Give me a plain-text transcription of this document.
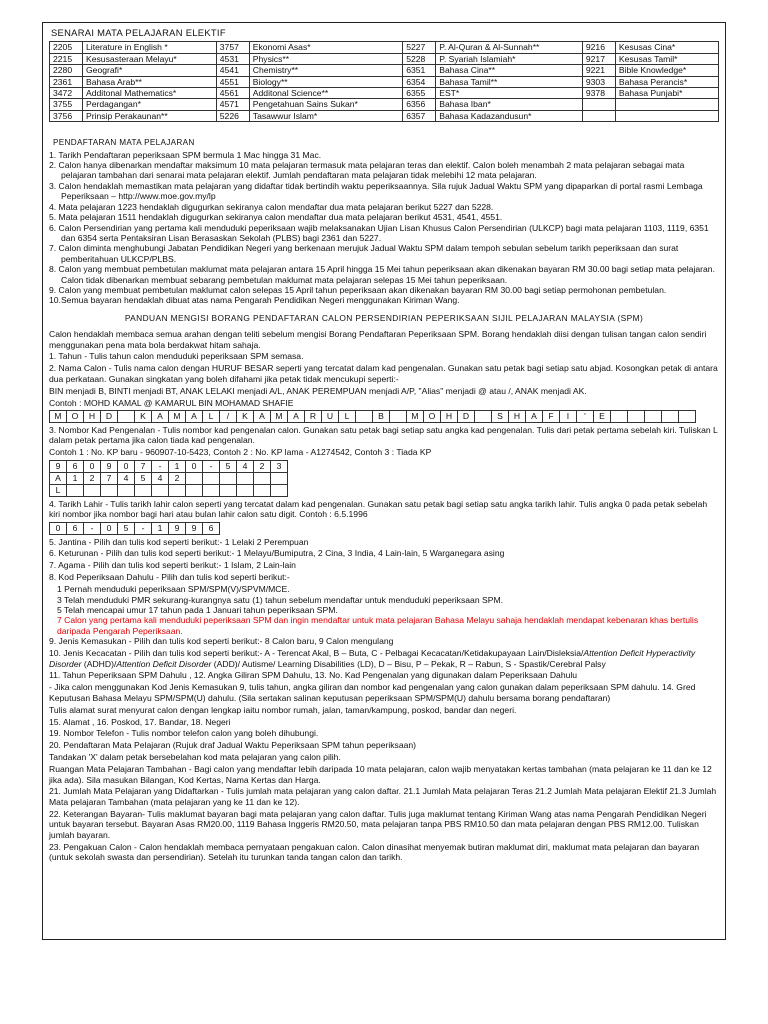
SENARAI MATA PELAJARAN ELEKTIF
2205	Literature in English *	3757	Ekonomi Asas*	5227	P. Al-Quran & Al-Sunnah**	9216	Kesusas Cina*
2215	Kesusasteraan Melayu*	4531	Physics**	5228	P. Syariah Islamiah*	9217	Kesusas Tamil*
2280	Geografi*	4541	Chemistry**	6351	Bahasa Cina**	9221	Bible Knowledge*
2361	Bahasa Arab**	4551	Biology**	6354	Bahasa Tamil**	9303	Bahasa Perancis*
3472	Additonal Mathematics*	4561	Additonal Science**	6355	EST*	9378	Bahasa Punjabi*
3755	Perdagangan*	4571	Pengetahuan Sains Sukan*	6356	Bahasa Iban*		
3756	Prinsip Perakaunan**	5226	Tasawwur Islam*	6357	Bahasa Kadazandusun*		
PENDAFTARAN MATA PELAJARAN
1. Tarikh Pendaftaran peperiksaan SPM bermula 1 Mac hingga 31 Mac.
2. Calon hanya dibenarkan mendaftar maksimum 10 mata pelajaran termasuk mata pelajaran teras dan elektif. Calon boleh menambah 2 mata pelajaran sebagai mata pelajaran tambahan dari senarai mata pelajaran elektif. Jumlah pendaftaran mata pelajaran tidak melebihi 12 mata pelajaran.
3. Calon hendaklah memastikan mata pelajaran yang didaftar tidak bertindih waktu peperiksaannya. Sila rujuk Jadual Waktu SPM yang dipaparkan di portal rasmi Lembaga Peperiksaan – http://www.moe.gov.my/lp
4. Mata pelajaran 1223 hendaklah digugurkan sekiranya calon mendaftar dua mata pelajaran berikut 5227 dan 5228.
5. Mata pelajaran 1511 hendaklah digugurkan sekiranya calon mendaftar dua mata pelajaran berikut 4531, 4541, 4551.
6. Calon Persendirian yang pertama kali menduduki peperiksaan wajib melaksanakan Ujian Lisan Khusus Calon Persendirian (ULKCP) bagi mata pelajaran 1103, 1119, 6351 dan 6354 serta Pentaksiran Lisan Berasaskan Sekolah (PLBS) bagi 2361 dan 5227.
7. Calon diminta menghubungi Jabatan Pendidikan Negeri yang berkenaan merujuk Jadual Waktu SPM dalam tempoh sebulan sebelum tarikh peperiksaan dan surat pemberitahuan ULKCP/PLBS.
8. Calon yang membuat pembetulan maklumat mata pelajaran antara 15 April hingga 15 Mei tahun peperiksaan akan dikenakan bayaran RM 30.00 bagi setiap mata pelajaran. Calon tidak dibenarkan membuat sebarang pembetulan maklumat mata pelajaran selepas 15 Mei tahun peperiksaan.
9. Calon yang membuat pembetulan maklumat calon selepas 15 April tahun peperiksaan akan dikenakan bayaran RM 30.00 bagi setiap permohonan pembetulan.
10.Semua bayaran hendaklah dibuat atas nama Pengarah Pendidikan Negeri menggunakan Kiriman Wang.
PANDUAN MENGISI BORANG PENDAFTARAN CALON PERSENDIRIAN PEPERIKSAAN SIJIL PELAJARAN MALAYSIA (SPM)

Calon hendaklah membaca semua arahan dengan teliti sebelum mengisi Borang Pendaftaran Peperiksaan SPM. Borang hendaklah diisi dengan tulisan tangan calon sendiri menggunakan pena mata bola berdakwat hitam sahaja.

1. Tahun - Tulis tahun calon menduduki peperiksaan SPM semasa.

2. Nama Calon - Tulis nama calon dengan HURUF BESAR seperti yang tercatat dalam kad pengenalan. Gunakan satu petak bagi setiap satu abjad. Kosongkan petak di antara dua perkataan. Gunakan singkatan yang boleh difahami jika petak tidak mencukupi seperti:-

BIN menjadi B, BINTI menjadi BT, ANAK LELAKI menjadi A/L, ANAK PEREMPUAN menjadi A/P, "Alias" menjadi @ atau /, ANAK menjadi AK.

Contoh : MOHD KAMAL @ KAMARUL BIN MOHAMAD SHAFIE

M	O	H	D		K	A	M	A	L	/	K	A	M	A	R	U	L		B		M	O	H	D		S	H	A	F	I	'	E					

3. Nombor Kad Pengenalan - Tulis nombor kad pengenalan calon. Gunakan satu petak bagi setiap satu angka kad pengenalan. Tulis dari petak pertama sebelah kiri. Tuliskan L dalam petak pertama jika calon tiada kad pengenalan.

Contoh 1 : No. KP baru - 960907-10-5423, Contoh 2 : No. KP lama - A1274542, Contoh 3 : Tiada KP

9	6	0	9	0	7	-	1	0	-	5	4	2	3
A	1	2	7	4	5	4	2						
L													

4. Tarikh Lahir - Tulis tarikh lahir calon seperti yang tercatat dalam kad pengenalan. Gunakan satu petak bagi setiap satu angka tarikh lahir. Tulis angka 0 pada petak sebelah kiri nombor jika nombor bagi hari atau bulan lahir calon satu digit. Contoh : 6.5.1996

0	6	-	0	5	-	1	9	9	6

5. Jantina - Pilih dan tulis kod seperti berikut:- 1 Lelaki 2 Perempuan

6. Keturunan - Pilih dan tulis kod seperti berikut:- 1 Melayu/Bumiputra, 2 Cina, 3 India, 4 Lain-lain, 5 Warganegara asing

7. Agama - Pilih dan tulis kod seperti berikut:- 1 Islam, 2 Lain-lain

8. Kod Peperiksaan Dahulu - Pilih dan tulis kod seperti berikut:-

1 Pernah menduduki peperiksaan SPM/SPM(V)/SPVM/MCE.
3 Telah menduduki PMR sekurang-kurangnya satu (1) tahun sebelum mendaftar untuk menduduki peperiksaan SPM.
5 Telah mencapai umur 17 tahun pada 1 Januari tahun peperiksaan SPM.
7 Calon yang pertama kali menduduki peperiksaan SPM dan ingin mendaftar untuk mata pelajaran Bahasa Melayu sahaja hendaklah mendapat kebenaran khas bertulis daripada Pengarah Peperiksaan.

9. Jenis Kemasukan - Pilih dan tulis kod seperti berikut:- 8 Calon baru, 9 Calon mengulang

10. Jenis Kecacatan - Pilih dan tulis kod seperti berikut:- A - Terencat Akal, B – Buta, C - Pelbagai Kecacatan/Ketidakupayaan Lain/Disleksia/Attention Deficit Hyperactivity Disorder (ADHD)/Attention Deficit Disorder (ADD)/ Autisme/ Learning Disabilities (LD), D – Bisu, P – Pekak, R – Rabun, S - Spastik/Cerebral Palsy

11. Tahun Peperiksaan SPM Dahulu , 12. Angka Giliran SPM Dahulu, 13. No. Kad Pengenalan yang digunakan dalam Peperiksaan Dahulu

- Jika calon menggunakan Kod Jenis Kemasukan 9, tulis tahun, angka giliran dan nombor kad pengenalan yang calon gunakan dalam peperiksaan SPM dahulu. 14. Gred Keputusan Bahasa Melayu SPM/SPM(U) dahulu. (Sila sertakan salinan keputusan peperiksaan SPM/SPM(U) dahulu bersama borang pendaftaran)

Tulis alamat surat menyurat calon dengan lengkap iaitu nombor rumah, jalan, taman/kampung, poskod, bandar dan negeri.

15. Alamat , 16. Poskod, 17. Bandar, 18. Negeri

19. Nombor Telefon - Tulis nombor telefon calon yang boleh dihubungi.

20. Pendaftaran Mata Pelajaran (Rujuk draf Jadual Waktu Peperiksaan SPM tahun peperiksaan)

Tandakan 'X' dalam petak bersebelahan kod mata pelajaran yang calon pilih.

Ruangan Mata Pelajaran Tambahan - Bagi calon yang mendaftar lebih daripada 10 mata pelajaran, calon wajib menyatakan kertas tambahan (mata pelajaran ke 11 dan ke 12 jika ada). Sila masukan Bilangan, Kod Kertas, Nama Kertas dan Harga.

21. Jumlah Mata Pelajaran yang Didaftarkan - Tulis jumlah mata pelajaran yang calon daftar. 21.1 Jumlah Mata pelajaran Teras 21.2 Jumlah Mata pelajaran Elektif 21.3 Jumlah Mata pelajaran Tambahan (mata pelajaran yang ke 11 dan ke 12).

22. Keterangan Bayaran- Tulis maklumat bayaran bagi mata pelajaran yang calon daftar. Tulis juga maklumat tentang Kiriman Wang atas nama Pengarah Pendidikan Negeri untuk bayaran tersebut. Bayaran Asas RM20.00, 1119 Bahasa Inggeris RM20.50, mata pelajaran tanpa PBS RM10.50 dan mata pelajaran dengan PBS RM12.00. Tuliskan jumlah bayaran.

23. Pengakuan Calon - Calon hendaklah membaca pernyataan pengakuan calon. Calon dinasihat menyemak butiran maklumat diri, maklumat mata pelajaran dan bayaran (untuk sekolah swasta dan persendirian). Setelah itu turunkan tanda tangan calon dan tarikh.
